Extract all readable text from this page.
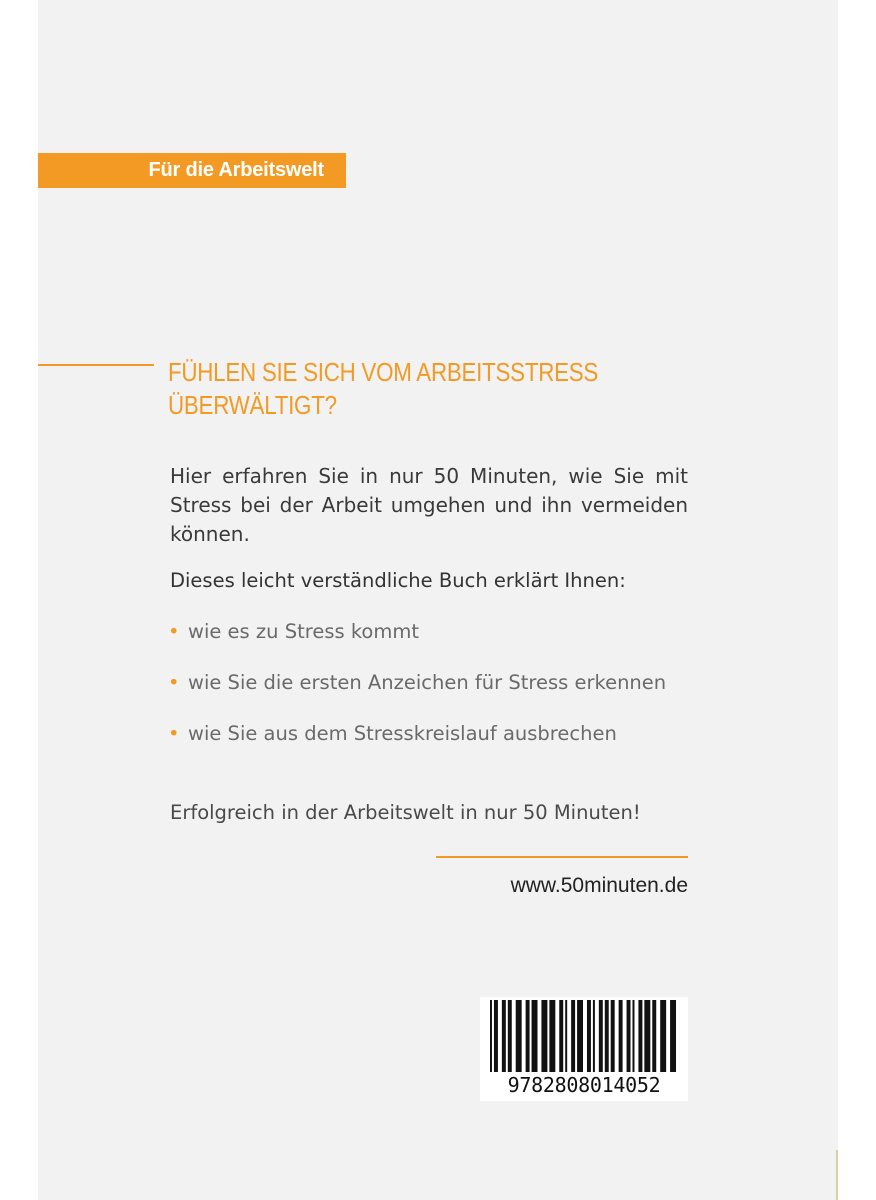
Für die Arbeitswelt
FÜHLEN SIE SICH VOM ARBEITSSTRESS
ÜBERWÄLTIGT?

Hier erfahren Sie in nur 50 Minuten, wie Sie mit Stress bei der Arbeit umgehen und ihn vermeiden können.

Dieses leicht verständliche Buch erklärt Ihnen:

• wie es zu Stress kommt
• wie Sie die ersten Anzeichen für Stress erkennen
• wie Sie aus dem Stresskreislauf ausbrechen

Erfolgreich in der Arbeitswelt in nur 50 Minuten!

www.50minuten.de
9782808014052
